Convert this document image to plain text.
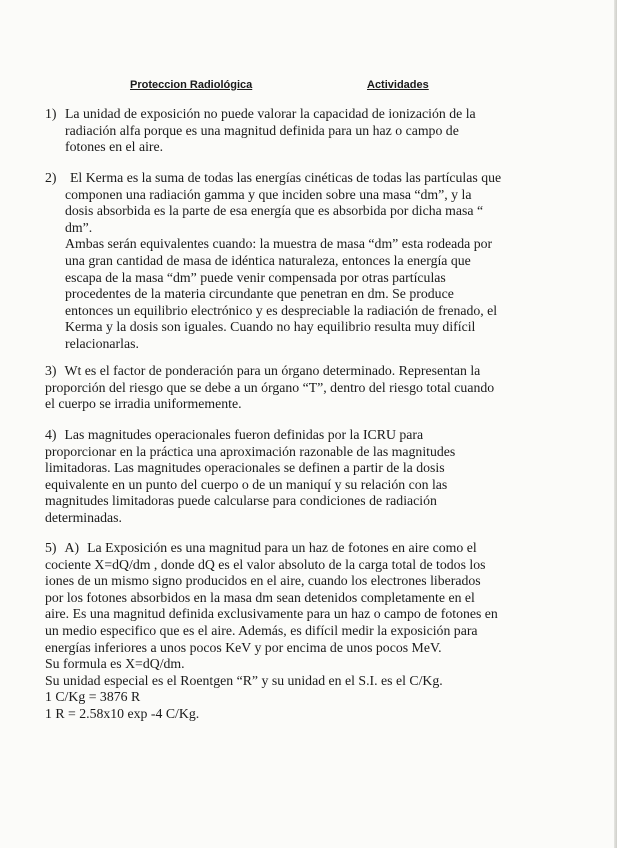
Proteccion Radiológica	Actividades
1) La unidad de exposición no puede valorar la capacidad de ionización de la
radiación alfa porque es una magnitud definida para un haz o campo de
fotones en el aire.
2) El Kerma es la suma de todas las energías cinéticas de todas las partículas que
componen una radiación gamma y que inciden sobre una masa “dm”, y la
dosis absorbida es la parte de esa energía que es absorbida por dicha masa “
dm”.
Ambas serán equivalentes cuando: la muestra de masa “dm” esta rodeada por
una gran cantidad de masa de idéntica naturaleza, entonces la energía que
escapa de la masa “dm” puede venir compensada por otras partículas
procedentes de la materia circundante que penetran en dm. Se produce
entonces un equilibrio electrónico y es despreciable la radiación de frenado, el
Kerma y la dosis son iguales. Cuando no hay equilibrio resulta muy difícil
relacionarlas.
3) Wt es el factor de ponderación para un órgano determinado. Representan la
proporción del riesgo que se debe a un órgano “T”, dentro del riesgo total cuando
el cuerpo se irradia uniformemente.
4) Las magnitudes operacionales fueron definidas por la ICRU para
proporcionar en la práctica una aproximación razonable de las magnitudes
limitadoras. Las magnitudes operacionales se definen a partir de la dosis
equivalente en un punto del cuerpo o de un maniquí y su relación con las
magnitudes limitadoras puede calcularse para condiciones de radiación
determinadas.
5) A) La Exposición es una magnitud para un haz de fotones en aire como el
cociente X=dQ/dm , donde dQ es el valor absoluto de la carga total de todos los
iones de un mismo signo producidos en el aire, cuando los electrones liberados
por los fotones absorbidos en la masa dm sean detenidos completamente en el
aire. Es una magnitud definida exclusivamente para un haz o campo de fotones en
un medio especifico que es el aire. Además, es difícil medir la exposición para
energías inferiores a unos pocos KeV y por encima de unos pocos MeV.
Su formula es X=dQ/dm.
Su unidad especial es el Roentgen “R” y su unidad en el S.I. es el C/Kg.
1 C/Kg = 3876 R
1 R = 2.58x10 exp -4 C/Kg.
